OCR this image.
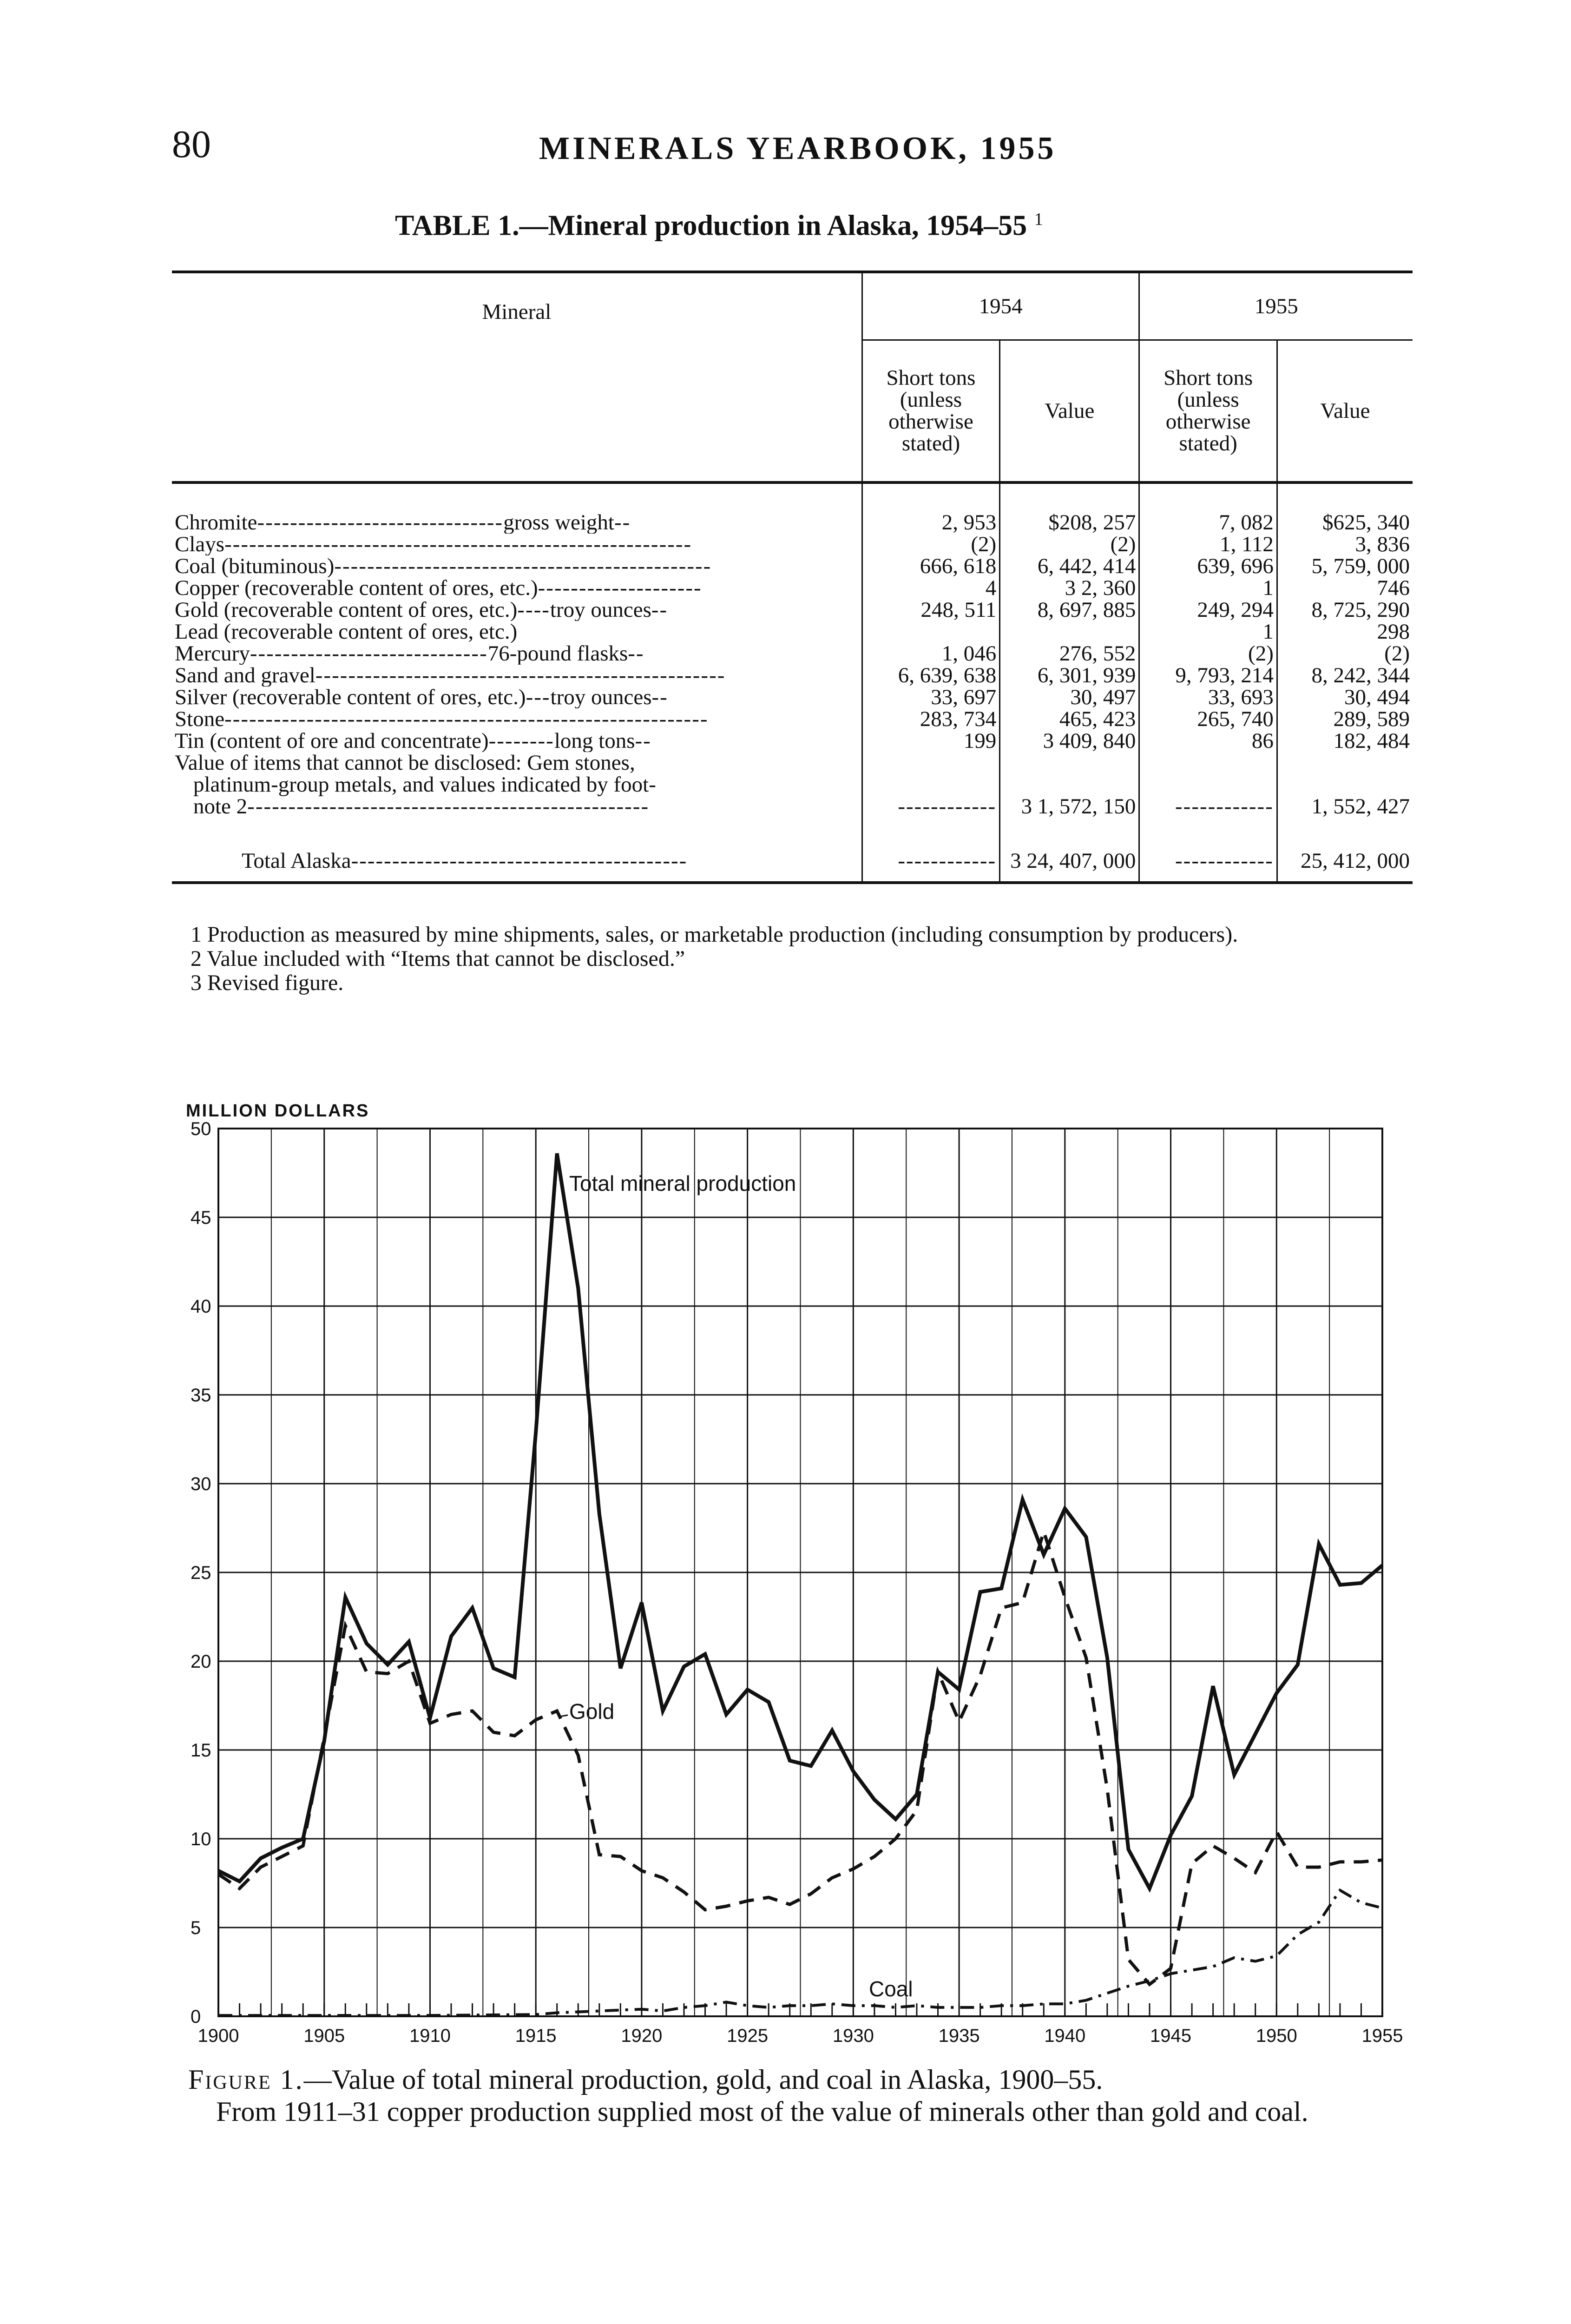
80	MINERALS YEARBOOK, 1955
TABLE 1.—Mineral production in Alaska, 1954–55 $^1$
Mineral	1954		1955	
	Short tons (unless otherwise stated)	Value	Short tons (unless otherwise stated)	Value
Chromite------------------------------gross weight--	2, 953	$208, 257	7, 082	$625, 340
Clays---------------------------------------------------------	(2)	(2)	1, 112	3, 836
Coal (bituminous)----------------------------------------------	666, 618	6, 442, 414	639, 696	5, 759, 000
Copper (recoverable content of ores, etc.)--------------------	4	3 2, 360	1	746
Gold (recoverable content of ores, etc.)----troy ounces--	248, 511	8, 697, 885	249, 294	8, 725, 290
Lead (recoverable content of ores, etc.)			1	298
Mercury-----------------------------76-pound flasks--	1, 046	276, 552	(2)	(2)
Sand and gravel--------------------------------------------------	6, 639, 638	6, 301, 939	9, 793, 214	8, 242, 344
Silver (recoverable content of ores, etc.)---troy ounces--	33, 697	30, 497	33, 693	30, 494
Stone-----------------------------------------------------------	283, 734	465, 423	265, 740	289, 589
Tin (content of ore and concentrate)--------long tons--	199	3 409, 840	86	182, 484

Value of items that cannot be disclosed: Gem stones,
platinum-group metals, and values indicated by foot-
note 2-------------------------------------------------	------------	3 1, 572, 150	------------	1, 552, 427
Total Alaska-----------------------------------------	------------	3 24, 407, 000	------------	25, 412, 000

1 Production as measured by mine shipments, sales, or marketable production (including consumption by producers).

2 Value included with “Items that cannot be disclosed.”

3 Revised figure.

0
5
10
15
20
25
30
35
40
45
50
1900	1905	1910	1915	1920	1925	1930	1935	1940	1945	1950	1955
MILLION DOLLARS
Total mineral production
Gold
Coal
Figure 1.—Value of total mineral production, gold, and coal in Alaska, 1900–55.
From 1911–31 copper production supplied most of the value of minerals other than gold and coal.
